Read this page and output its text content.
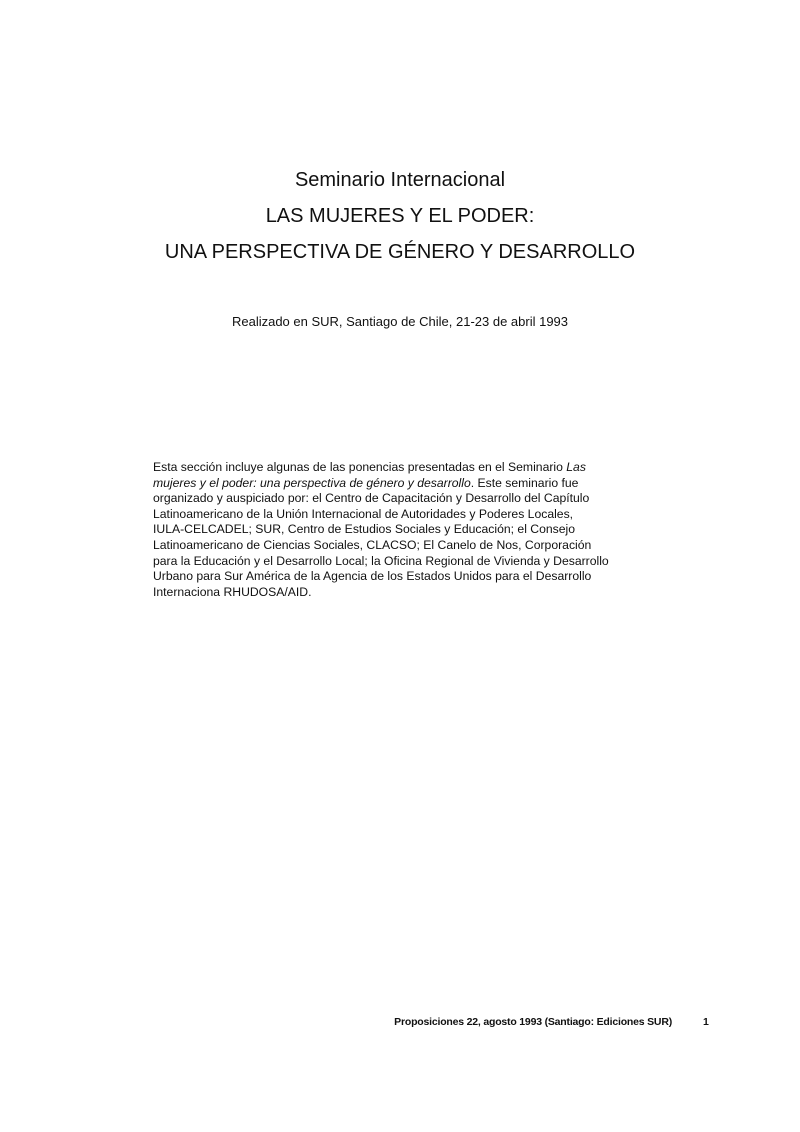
Seminario Internacional

LAS MUJERES Y EL PODER:

UNA PERSPECTIVA DE GÉNERO Y DESARROLLO

Realizado en SUR, Santiago de Chile, 21-23 de abril 1993
Esta sección incluye algunas de las ponencias presentadas en el Seminario Las
mujeres y el poder: una perspectiva de género y desarrollo. Este seminario fue
organizado y auspiciado por: el Centro de Capacitación y Desarrollo del Capítulo
Latinoamericano de la Unión Internacional de Autoridades y Poderes Locales,
IULA-CELCADEL; SUR, Centro de Estudios Sociales y Educación; el Consejo
Latinoamericano de Ciencias Sociales, CLACSO; El Canelo de Nos, Corporación
para la Educación y el Desarrollo Local; la Oficina Regional de Vivienda y Desarrollo
Urbano para Sur América de la Agencia de los Estados Unidos para el Desarrollo
Internaciona RHUDOSA/AID.
Proposiciones 22, agosto 1993 (Santiago: Ediciones SUR)	1
